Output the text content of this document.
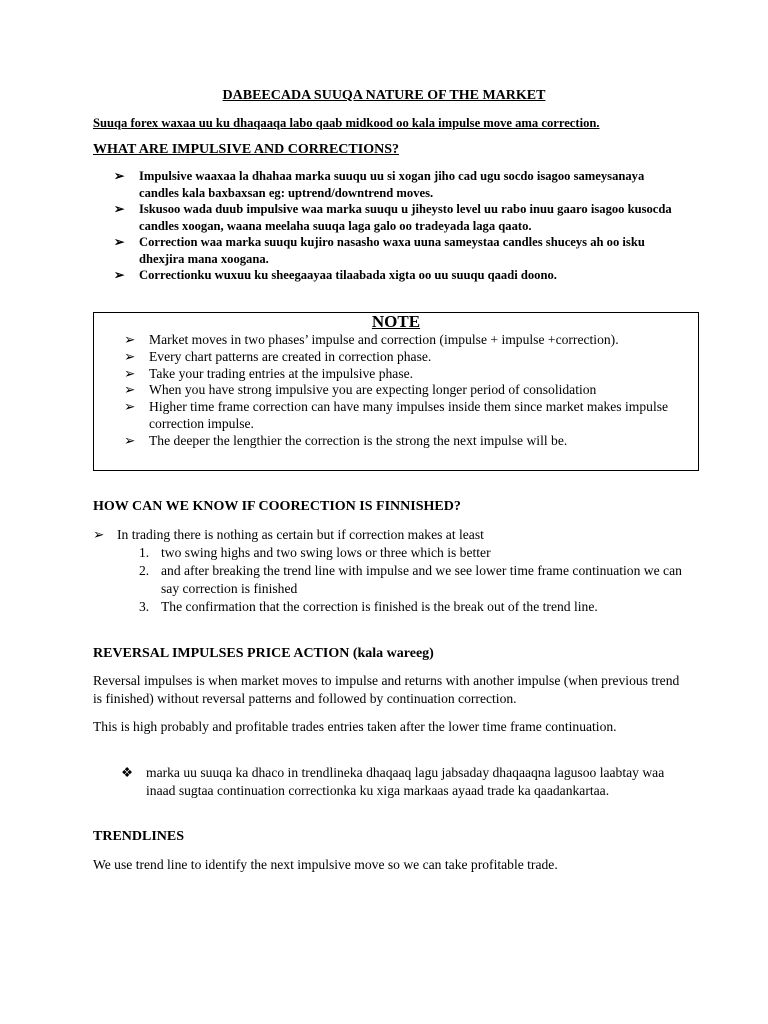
DABEECADA SUUQA NATURE OF THE MARKET
Suuqa forex waxaa uu ku dhaqaaqa labo qaab midkood oo kala impulse move ama correction.
WHAT ARE IMPULSIVE AND CORRECTIONS?
➢ Impulsive waaxaa la dhahaa marka suuqu uu si xogan jiho cad ugu socdo isagoo sameysanaya candles kala baxbaxsan eg: uptrend/downtrend moves.
➢ Iskusoo wada duub impulsive waa marka suuqu u jiheysto level uu rabo inuu gaaro isagoo kusocda candles xoogan, waana meelaha suuqa laga galo oo tradeyada laga qaato.
➢ Correction waa marka suuqu kujiro nasasho waxa uuna sameystaa candles shuceys ah oo isku dhexjira mana xoogana.
➢ Correctionku wuxuu ku sheegaayaa tilaabada xigta oo uu suuqu qaadi doono.
NOTE
➢ Market moves in two phases’ impulse and correction (impulse + impulse +correction).
➢ Every chart patterns are created in correction phase.
➢ Take your trading entries at the impulsive phase.
➢ When you have strong impulsive you are expecting longer period of consolidation
➢ Higher time frame correction can have many impulses inside them since market makes impulse correction impulse.
➢ The deeper the lengthier the correction is the strong the next impulse will be.
HOW CAN WE KNOW IF COORECTION IS FINNISHED?
➢ In trading there is nothing as certain but if correction makes at least
1. two swing highs and two swing lows or three which is better
2. and after breaking the trend line with impulse and we see lower time frame continuation we can say correction is finished
3. The confirmation that the correction is finished is the break out of the trend line.
REVERSAL IMPULSES PRICE ACTION (kala wareeg)
Reversal impulses is when market moves to impulse and returns with another impulse (when previous trend is finished) without reversal patterns and followed by continuation correction.
This is high probably and profitable trades entries taken after the lower time frame continuation.
❖ marka uu suuqa ka dhaco in trendlineka dhaqaaq lagu jabsaday dhaqaaqna lagusoo laabtay waa inaad sugtaa continuation correctionka ku xiga markaas ayaad trade ka qaadankartaa.
TRENDLINES
We use trend line to identify the next impulsive move so we can take profitable trade.
